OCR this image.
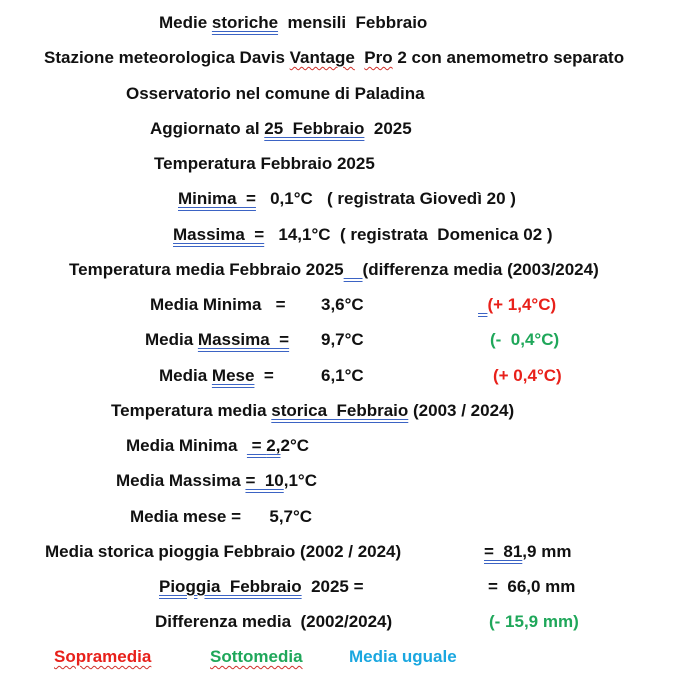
Medie storiche  mensili  Febbraio
Stazione meteorologica Davis Vantage Pro 2 con anemometro separato
Osservatorio nel comune di Paladina
Aggiornato al 25  Febbraio  2025
Temperatura Febbraio 2025
Minima  =   0,1°C   ( registrata Giovedì 20 )
Massima  =   14,1°C  ( registrata  Domenica 02 )
Temperatura media Febbraio 2025 (differenza media (2003/2024)
Media Minima   = 3,6°C	(+ 1,4°C)
Media Massima  = 9,7°C	(-  0,4°C)
Media Mese  =	6,1°C	(+ 0,4°C)
Temperatura media storica  Febbraio (2003 / 2024)
Media Minima   = 2,2°C
Media Massima =  10,1°C
Media mese =      5,7°C
Media storica pioggia Febbraio (2002 / 2024)	=  81,9 mm
Pioggia  Febbraio  2025 =	=  66,0 mm
Differenza media  (2002/2024)	(- 15,9 mm)
Sopramedia	Sottomedia	Media uguale
